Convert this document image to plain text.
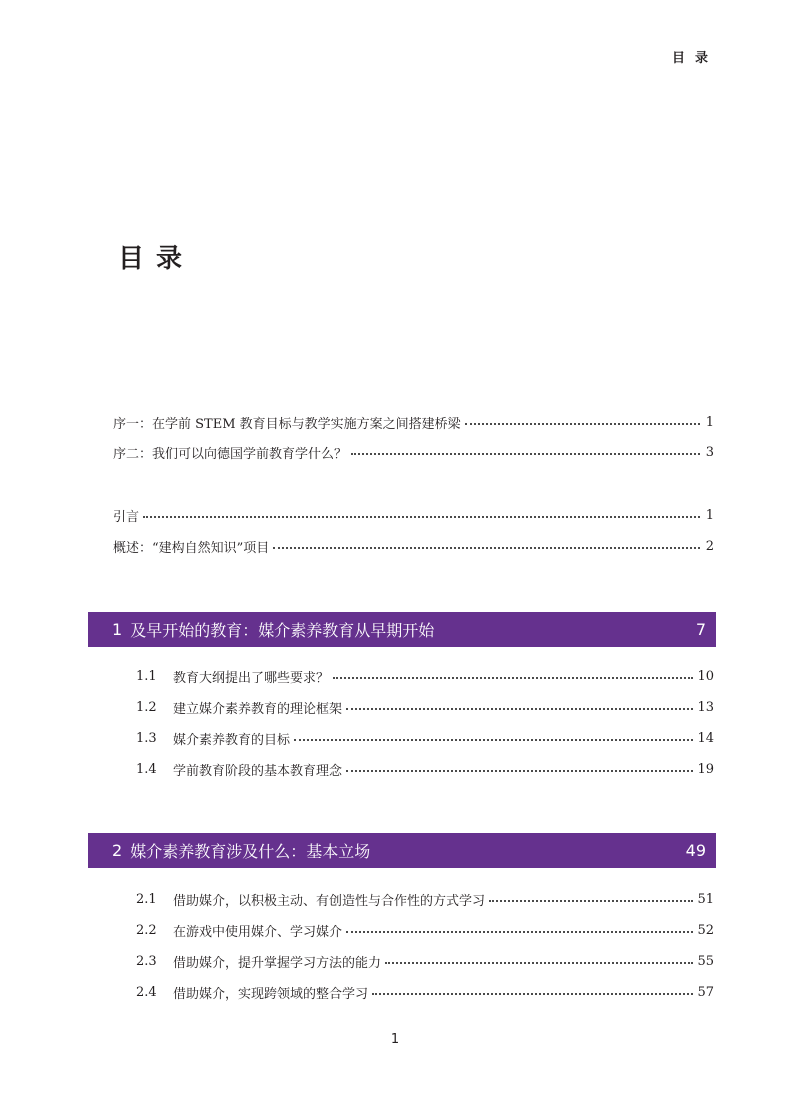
目录
目录
序一：在学前 STEM 教育目标与教学实施方案之间搭建桥梁	1
序二：我们可以向德国学前教育学什么？	3
引言	1
概述：“建构自然知识”项目	2
1 及早开始的教育：媒介素养教育从早期开始	7
1.1	教育大纲提出了哪些要求？	10
1.2	建立媒介素养教育的理论框架	13
1.3	媒介素养教育的目标	14
1.4	学前教育阶段的基本教育理念	19
2 媒介素养教育涉及什么：基本立场	49
2.1	借助媒介，以积极主动、有创造性与合作性的方式学习	51
2.2	在游戏中使用媒介、学习媒介	52
2.3	借助媒介，提升掌握学习方法的能力	55
2.4	借助媒介，实现跨领域的整合学习	57
1
